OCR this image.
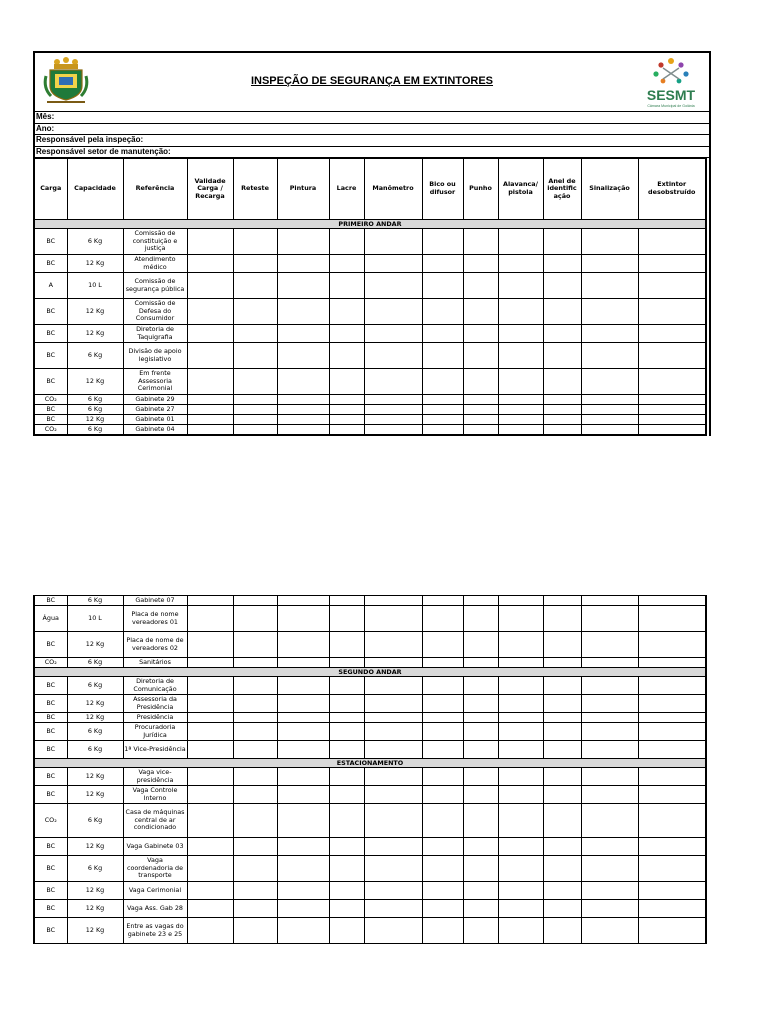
INSPEÇÃO DE SEGURANÇA EM EXTINTORES
SESMT
Câmara Municipal de Goiânia
Mês:
Ano:
Responsável pela inspeção:
Responsável setor de manutenção:
Carga	Capacidade	Referência	Validade Carga / Recarga	Reteste	Pintura	Lacre	Manômetro	Bico ou difusor	Punho	Alavanca/ pistola	Anel de identific ação	Sinalização	Extintor desobstruído
PRIMEIRO ANDAR													
BC	6 Kg	Comissão de constituição e justiça											
BC	12 Kg	Atendimento médico											
A	10 L	Comissão de segurança pública											
BC	12 Kg	Comissão de Defesa do Consumidor											
BC	12 Kg	Diretoria de Taquigrafia											
BC	6 Kg	Divisão de apoio legislativo											
BC	12 Kg	Em frente Assessoria Cerimonial											
CO₂	6 Kg	Gabinete 29											
BC	6 Kg	Gabinete 27											
BC	12 Kg	Gabinete 01											
CO₂	6 Kg	Gabinete 04											
BC	6 Kg	Gabinete 07											
Água	10 L	Placa de nome vereadores 01											
BC	12 Kg	Placa de nome de vereadores 02											
CO₂	6 Kg	Sanitários											
SEGUNDO ANDAR													
BC	6 Kg	Diretoria de Comunicação											
BC	12 Kg	Assessoria da Presidência											
BC	12 Kg	Presidência											
BC	6 Kg	Procuradoria Jurídica											
BC	6 Kg	1ª Vice-Presidência											
ESTACIONAMENTO													
BC	12 Kg	Vaga vice-presidência											
BC	12 Kg	Vaga Controle Interno											
CO₂	6 Kg	Casa de máquinas central de ar condicionado											
BC	12 Kg	Vaga Gabinete 03											
BC	6 Kg	Vaga coordenadoria de transporte											
BC	12 Kg	Vaga Cerimonial											
BC	12 Kg	Vaga Ass. Gab 28											
BC	12 Kg	Entre as vagas do gabinete 23 e 25											
